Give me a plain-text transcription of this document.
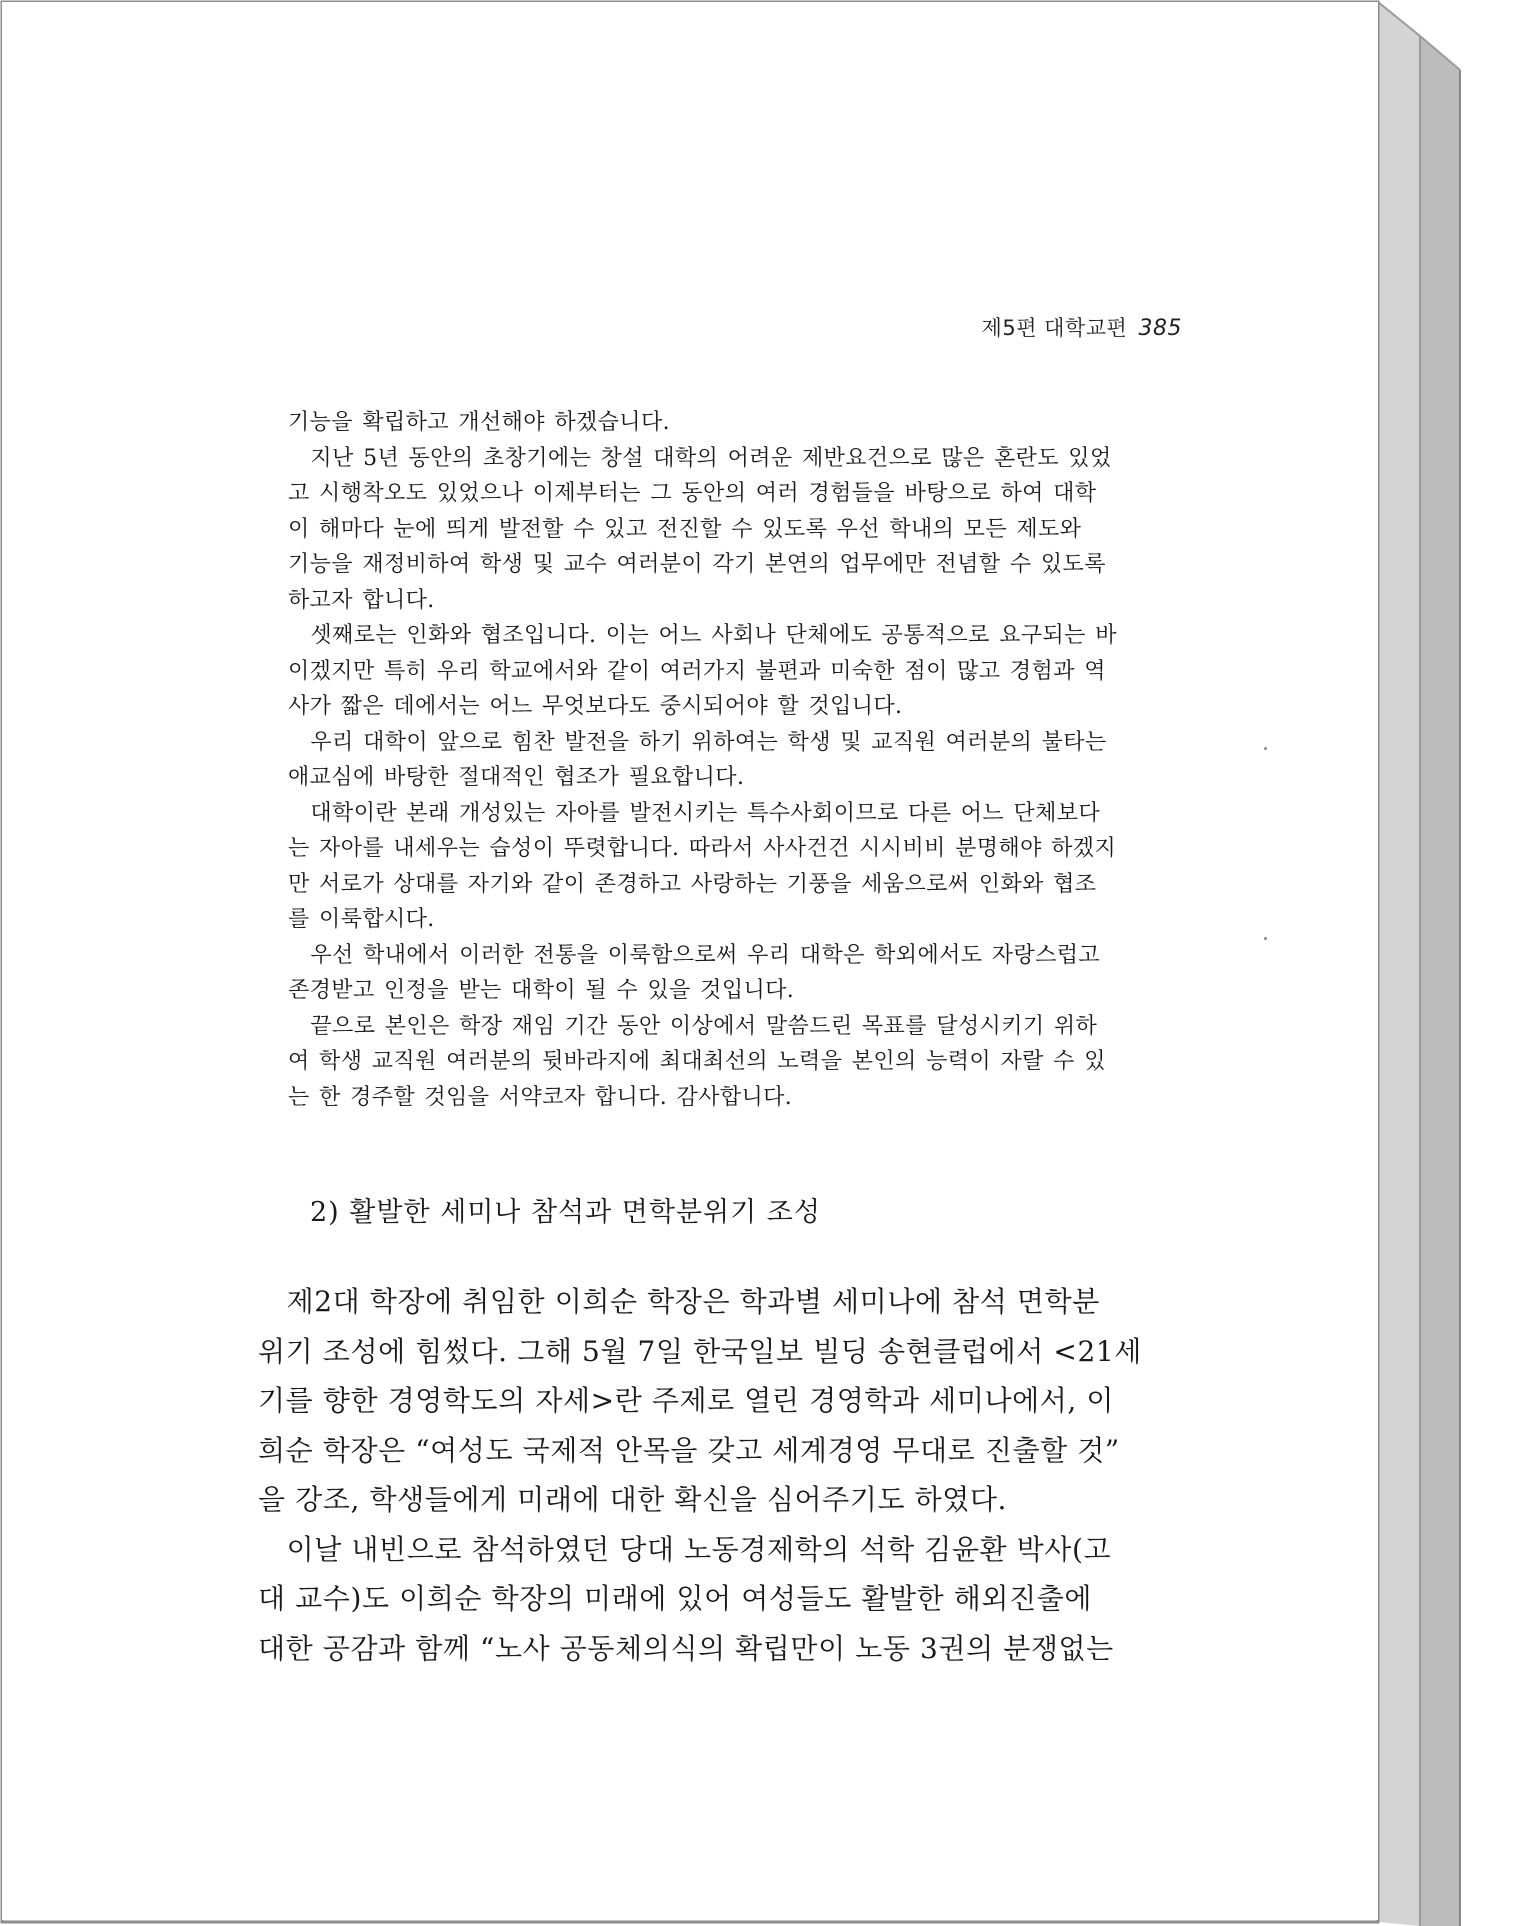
제5편 대학교편 385
기능을 확립하고 개선해야 하겠습니다.
　지난 5년 동안의 초창기에는 창설 대학의 어려운 제반요건으로 많은 혼란도 있었
고 시행착오도 있었으나 이제부터는 그 동안의 여러 경험들을 바탕으로 하여 대학
이 해마다 눈에 띄게 발전할 수 있고 전진할 수 있도록 우선 학내의 모든 제도와
기능을 재정비하여 학생 및 교수 여러분이 각기 본연의 업무에만 전념할 수 있도록
하고자 합니다.
　셋째로는 인화와 협조입니다. 이는 어느 사회나 단체에도 공통적으로 요구되는 바
이겠지만 특히 우리 학교에서와 같이 여러가지 불편과 미숙한 점이 많고 경험과 역
사가 짧은 데에서는 어느 무엇보다도 중시되어야 할 것입니다.
　우리 대학이 앞으로 힘찬 발전을 하기 위하여는 학생 및 교직원 여러분의 불타는
애교심에 바탕한 절대적인 협조가 필요합니다.
　대학이란 본래 개성있는 자아를 발전시키는 특수사회이므로 다른 어느 단체보다
는 자아를 내세우는 습성이 뚜렷합니다. 따라서 사사건건 시시비비 분명해야 하겠지
만 서로가 상대를 자기와 같이 존경하고 사랑하는 기풍을 세움으로써 인화와 협조
를 이룩합시다.
　우선 학내에서 이러한 전통을 이룩함으로써 우리 대학은 학외에서도 자랑스럽고
존경받고 인정을 받는 대학이 될 수 있을 것입니다.
　끝으로 본인은 학장 재임 기간 동안 이상에서 말씀드린 목표를 달성시키기 위하
여 학생 교직원 여러분의 뒷바라지에 최대최선의 노력을 본인의 능력이 자랄 수 있
는 한 경주할 것임을 서약코자 합니다. 감사합니다.
2) 활발한 세미나 참석과 면학분위기 조성
　제2대 학장에 취임한 이희순 학장은 학과별 세미나에 참석 면학분
위기 조성에 힘썼다. 그해 5월 7일 한국일보 빌딩 송현클럽에서 <21세
기를 향한 경영학도의 자세>란 주제로 열린 경영학과 세미나에서, 이
희순 학장은 “여성도 국제적 안목을 갖고 세계경영 무대로 진출할 것”
을 강조, 학생들에게 미래에 대한 확신을 심어주기도 하였다.
　이날 내빈으로 참석하였던 당대 노동경제학의 석학 김윤환 박사(고
대 교수)도 이희순 학장의 미래에 있어 여성들도 활발한 해외진출에
대한 공감과 함께 “노사 공동체의식의 확립만이 노동 3권의 분쟁없는
